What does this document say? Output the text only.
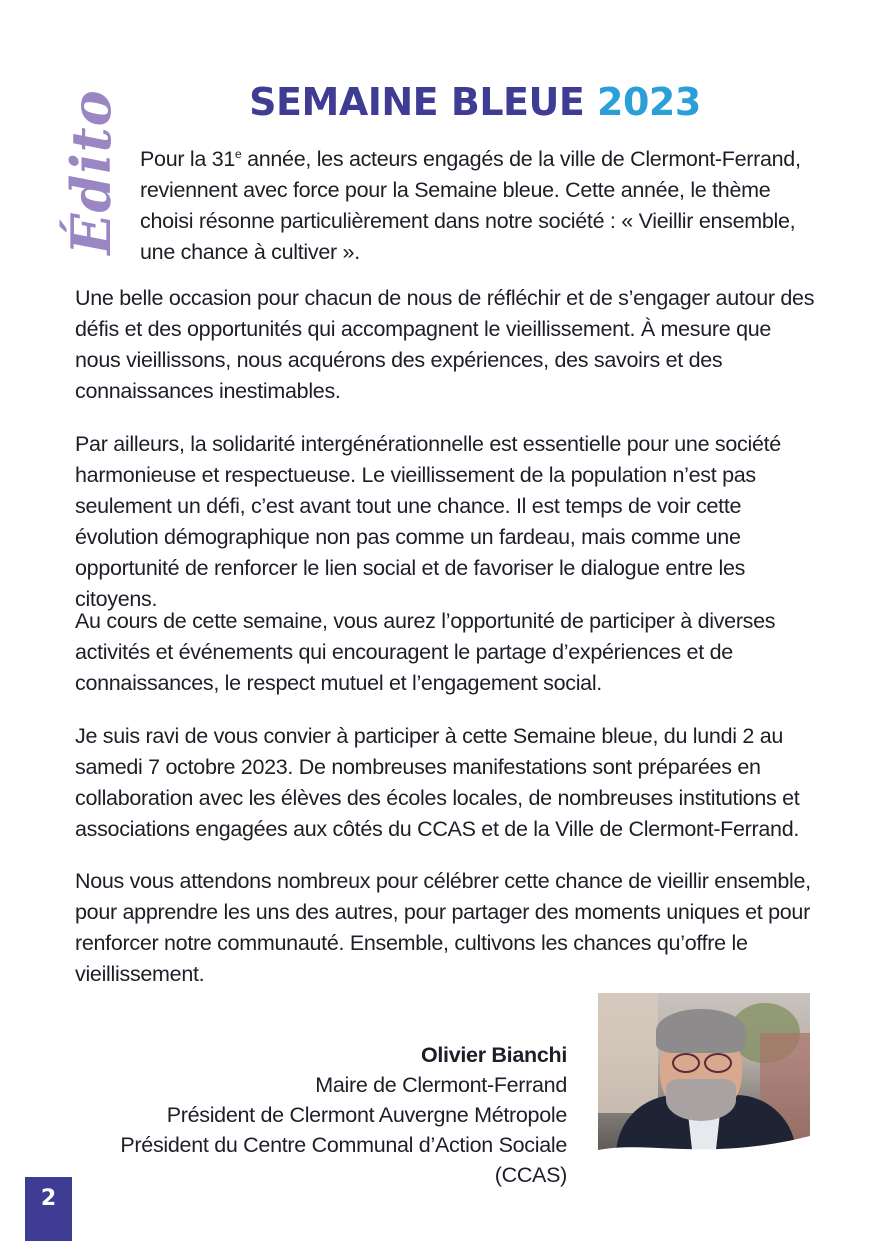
Édito	SEMAINE BLEUE 2023

Pour la 31e année, les acteurs engagés de la ville de Clermont-Ferrand, reviennent avec force pour la Semaine bleue. Cette année, le thème choisi résonne particulièrement dans notre société : « Vieillir ensemble, une chance à cultiver ».

Une belle occasion pour chacun de nous de réfléchir et de s’engager autour des défis et des opportunités qui accompagnent le vieillissement. À mesure que nous vieillissons, nous acquérons des expériences, des savoirs et des connaissances inestimables.

Par ailleurs, la solidarité intergénérationnelle est essentielle pour une société harmonieuse et respectueuse. Le vieillissement de la population n’est pas seulement un défi, c’est avant tout une chance. Il est temps de voir cette évolution démographique non pas comme un fardeau, mais comme une opportunité de renforcer le lien social et de favoriser le dialogue entre les citoyens.

Au cours de cette semaine, vous aurez l’opportunité de participer à diverses activités et événements qui encouragent le partage d’expériences et de connaissances, le respect mutuel et l’engagement social.

Je suis ravi de vous convier à participer à cette Semaine bleue, du lundi 2 au samedi 7 octobre 2023. De nombreuses manifestations sont préparées en collaboration avec les élèves des écoles locales, de nombreuses institutions et associations engagées aux côtés du CCAS et de la Ville de Clermont-Ferrand.

Nous vous attendons nombreux pour célébrer cette chance de vieillir ensemble, pour apprendre les uns des autres, pour partager des moments uniques et pour renforcer notre communauté. Ensemble, cultivons les chances qu’offre le vieillissement.

Olivier Bianchi
Maire de Clermont-Ferrand
Président de Clermont Auvergne Métropole
Président du Centre Communal d’Action Sociale (CCAS)
2
